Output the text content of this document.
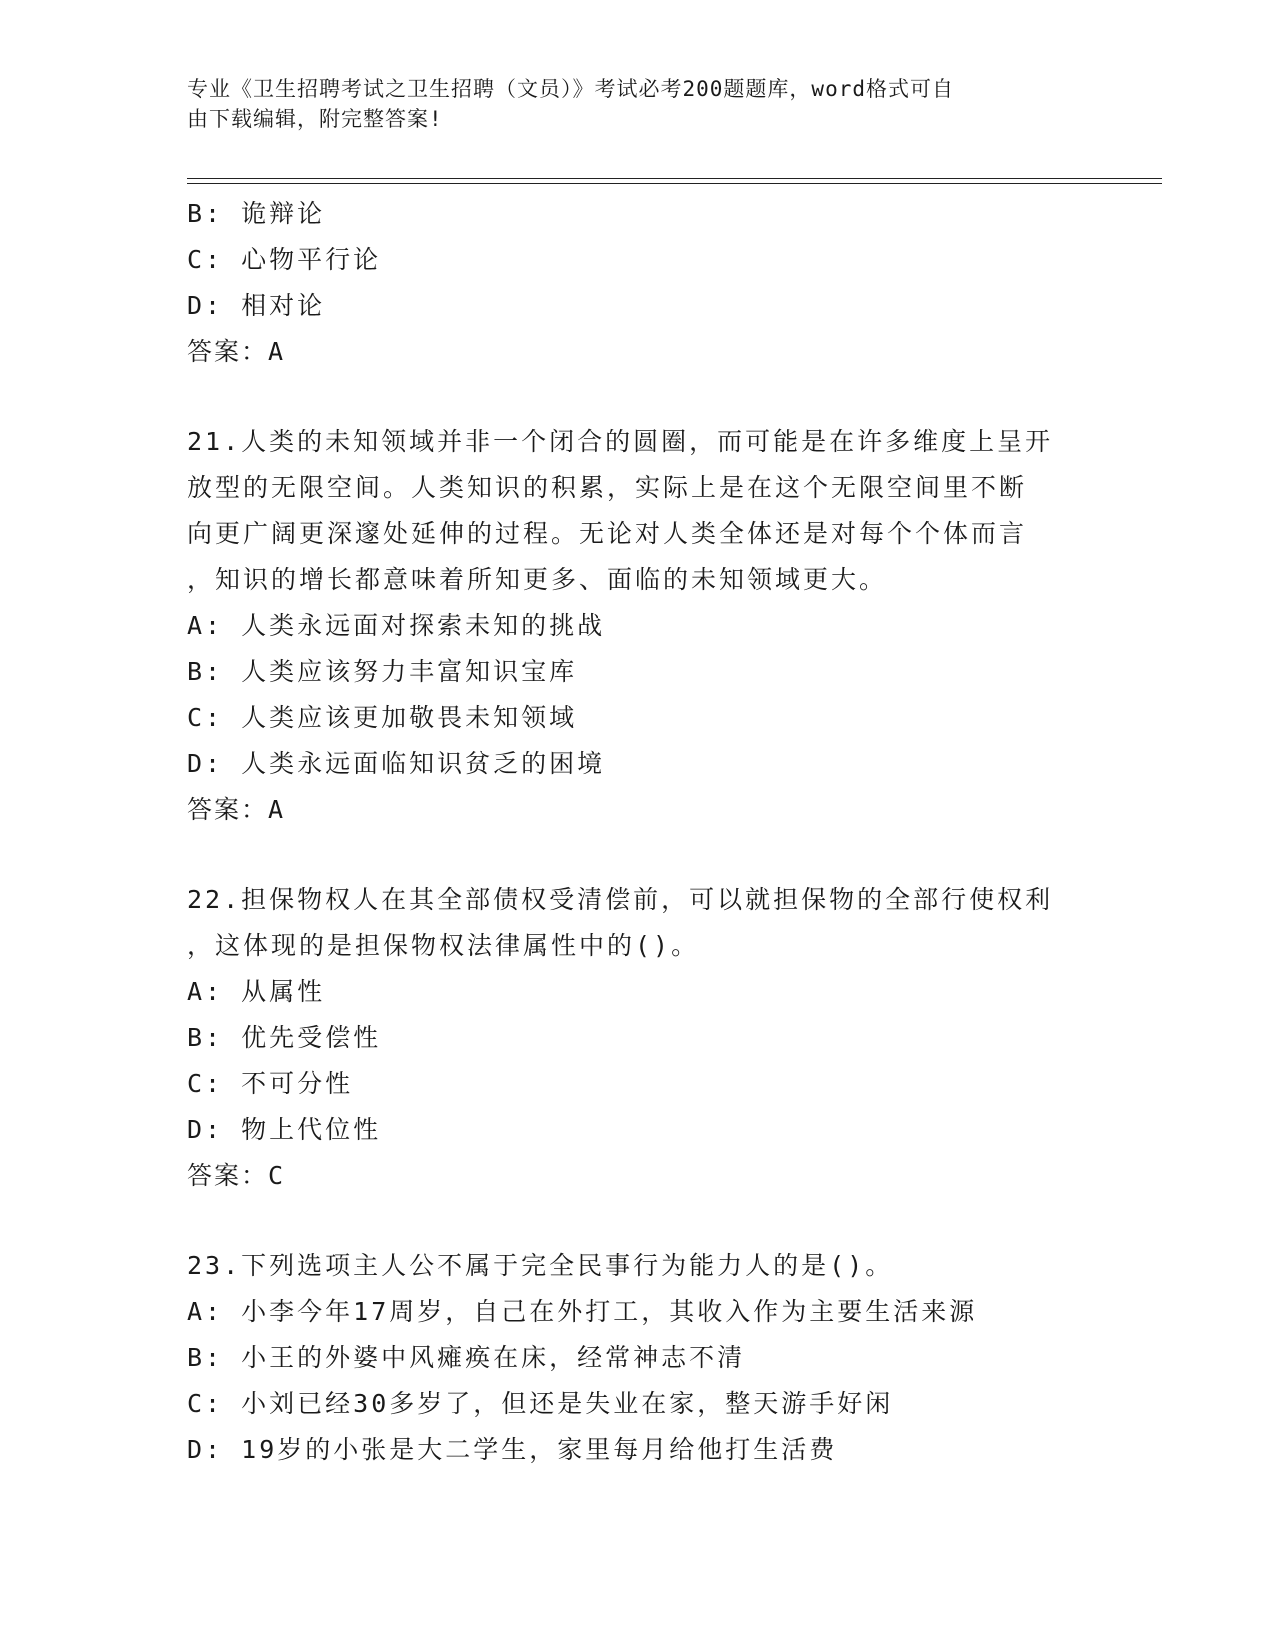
专业《卫生招聘考试之卫生招聘（文员）》考试必考200题题库，word格式可自
由下载编辑，附完整答案!
B: 诡辩论
C: 心物平行论
D: 相对论
答案：A
21.人类的未知领域并非一个闭合的圆圈，而可能是在许多维度上呈开
放型的无限空间。人类知识的积累，实际上是在这个无限空间里不断
向更广阔更深邃处延伸的过程。无论对人类全体还是对每个个体而言
，知识的增长都意味着所知更多、面临的未知领域更大。
A: 人类永远面对探索未知的挑战
B: 人类应该努力丰富知识宝库
C: 人类应该更加敬畏未知领域
D: 人类永远面临知识贫乏的困境
答案：A
22.担保物权人在其全部债权受清偿前，可以就担保物的全部行使权利
，这体现的是担保物权法律属性中的()。
A: 从属性
B: 优先受偿性
C: 不可分性
D: 物上代位性
答案：C
23.下列选项主人公不属于完全民事行为能力人的是()。
A: 小李今年17周岁，自己在外打工，其收入作为主要生活来源
B: 小王的外婆中风瘫痪在床，经常神志不清
C: 小刘已经30多岁了，但还是失业在家，整天游手好闲
D: 19岁的小张是大二学生，家里每月给他打生活费
